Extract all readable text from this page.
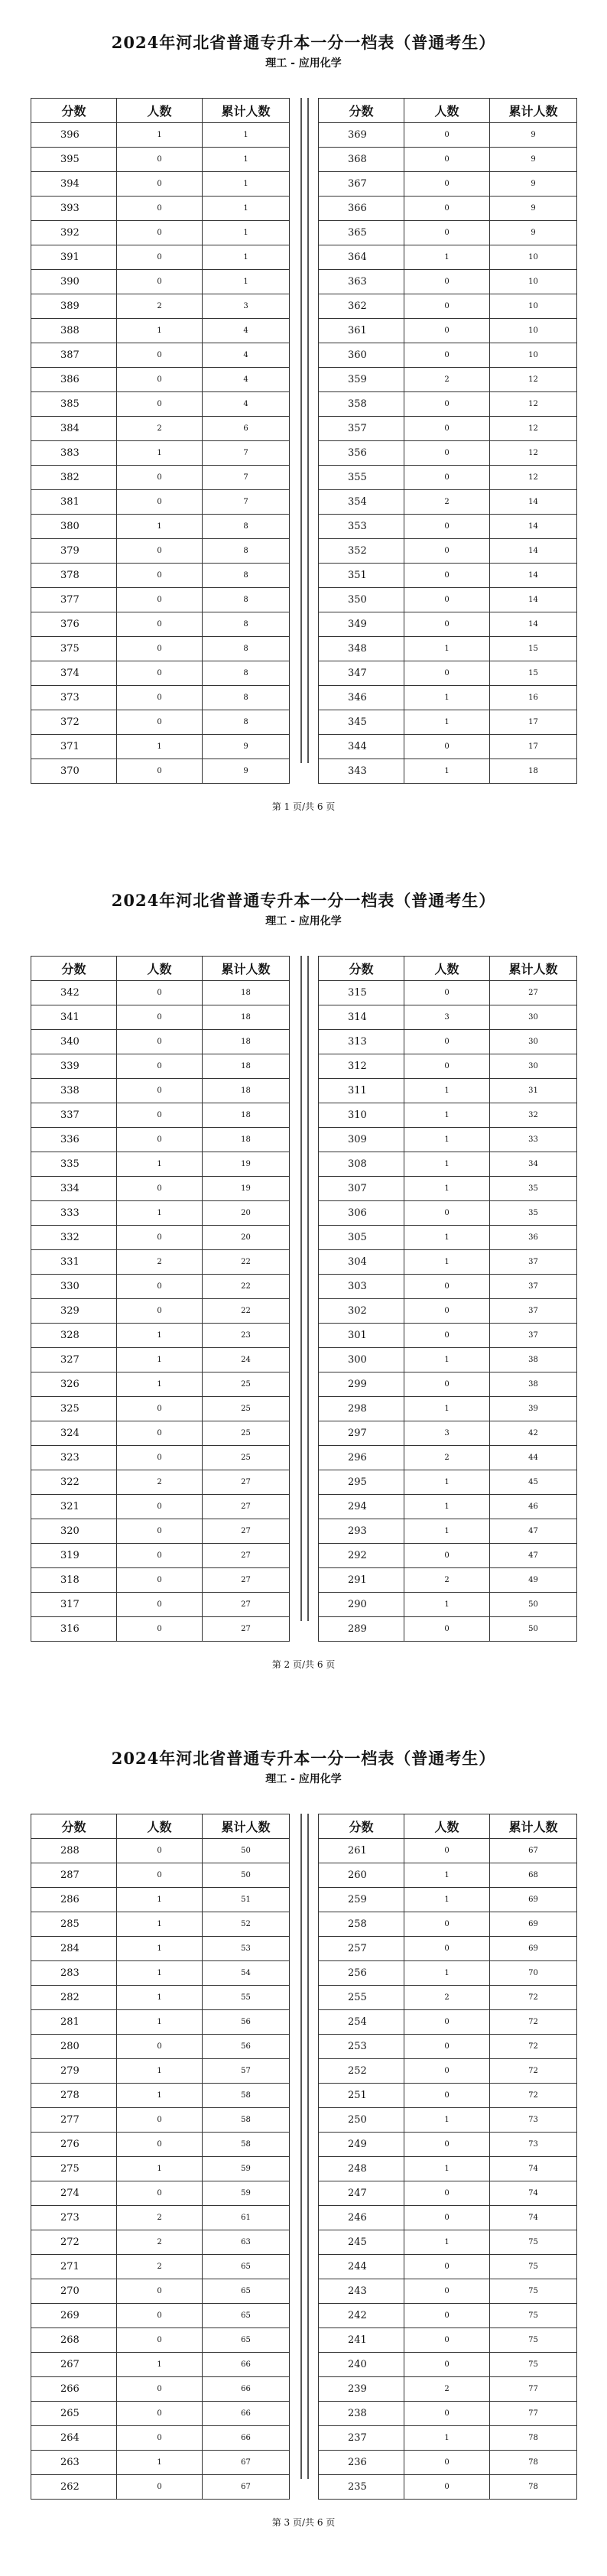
2024年河北省普通专升本一分一档表（普通考生）
理工 - 应用化学
分数	人数	累计人数
396	1	1
395	0	1
394	0	1
393	0	1
392	0	1
391	0	1
390	0	1
389	2	3
388	1	4
387	0	4
386	0	4
385	0	4
384	2	6
383	1	7
382	0	7
381	0	7
380	1	8
379	0	8
378	0	8
377	0	8
376	0	8
375	0	8
374	0	8
373	0	8
372	0	8
371	1	9
370	0	9
分数	人数	累计人数
369	0	9
368	0	9
367	0	9
366	0	9
365	0	9
364	1	10
363	0	10
362	0	10
361	0	10
360	0	10
359	2	12
358	0	12
357	0	12
356	0	12
355	0	12
354	2	14
353	0	14
352	0	14
351	0	14
350	0	14
349	0	14
348	1	15
347	0	15
346	1	16
345	1	17
344	0	17
343	1	18
第 1 页/共 6 页
2024年河北省普通专升本一分一档表（普通考生）
理工 - 应用化学
分数	人数	累计人数
342	0	18
341	0	18
340	0	18
339	0	18
338	0	18
337	0	18
336	0	18
335	1	19
334	0	19
333	1	20
332	0	20
331	2	22
330	0	22
329	0	22
328	1	23
327	1	24
326	1	25
325	0	25
324	0	25
323	0	25
322	2	27
321	0	27
320	0	27
319	0	27
318	0	27
317	0	27
316	0	27
分数	人数	累计人数
315	0	27
314	3	30
313	0	30
312	0	30
311	1	31
310	1	32
309	1	33
308	1	34
307	1	35
306	0	35
305	1	36
304	1	37
303	0	37
302	0	37
301	0	37
300	1	38
299	0	38
298	1	39
297	3	42
296	2	44
295	1	45
294	1	46
293	1	47
292	0	47
291	2	49
290	1	50
289	0	50
第 2 页/共 6 页
2024年河北省普通专升本一分一档表（普通考生）
理工 - 应用化学
分数	人数	累计人数
288	0	50
287	0	50
286	1	51
285	1	52
284	1	53
283	1	54
282	1	55
281	1	56
280	0	56
279	1	57
278	1	58
277	0	58
276	0	58
275	1	59
274	0	59
273	2	61
272	2	63
271	2	65
270	0	65
269	0	65
268	0	65
267	1	66
266	0	66
265	0	66
264	0	66
263	1	67
262	0	67
分数	人数	累计人数
261	0	67
260	1	68
259	1	69
258	0	69
257	0	69
256	1	70
255	2	72
254	0	72
253	0	72
252	0	72
251	0	72
250	1	73
249	0	73
248	1	74
247	0	74
246	0	74
245	1	75
244	0	75
243	0	75
242	0	75
241	0	75
240	0	75
239	2	77
238	0	77
237	1	78
236	0	78
235	0	78
第 3 页/共 6 页
